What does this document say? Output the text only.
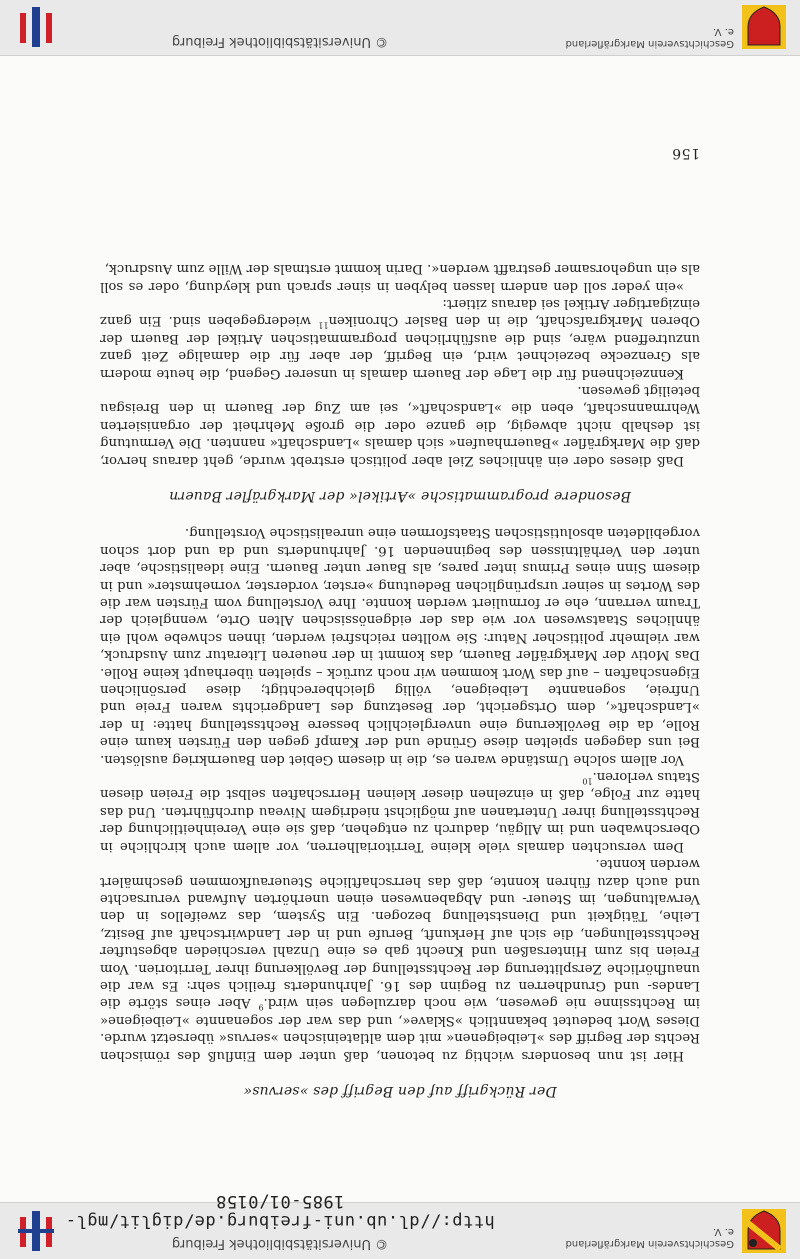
Geschichtsverein Markgräflerland e. V.
© Universitätsbibliothek Freiburg
http://dl.ub.uni-freiburg.de/diglit/mgl-1985-01/0158
Der Rückgriff auf den Begriff des »servus«

Hier ist nun besonders wichtig zu betonen, daß unter dem Einfluß des römischen Rechts der Begriff des »Leibeigenen« mit dem altlateinischen »servus« übersetzt wurde. Dieses Wort bedeutet bekanntlich »Sklave«, und das war der sogenannte »Leibeigene« im Rechtssinne nie gewesen, wie noch darzulegen sein wird.$^9$ Aber eines störte die Landes- und Grundherren zu Beginn des 16. Jahrhunderts freilich sehr: Es war die unaufhörliche Zersplitterung der Rechtsstellung der Bevölkerung ihrer Territorien. Vom Freien bis zum Hintersaßen und Knecht gab es eine Unzahl verschieden abgestufter Rechtsstellungen, die sich auf Herkunft, Berufe und in der Landwirtschaft auf Besitz, Leihe, Tätigkeit und Dienststellung bezogen. Ein System, das zweifellos in den Verwaltungen, im Steuer- und Abgabenwesen einen unerhörten Aufwand verursachte und auch dazu führen konnte, daß das herrschaftliche Steueraufkommen geschmälert werden konnte.

Dem versuchten damals viele kleine Territorialherren, vor allem auch kirchliche in Oberschwaben und im Allgäu, dadurch zu entgehen, daß sie eine Vereinheitlichung der Rechtsstellung ihrer Untertanen auf möglichst niedrigem Niveau durchführten. Und das hatte zur Folge, daß in einzelnen dieser kleinen Herrschaften selbst die Freien diesen Status verloren.$^{10}$

Vor allem solche Umstände waren es, die in diesem Gebiet den Bauernkrieg auslösten. Bei uns dagegen spielten diese Gründe und der Kampf gegen den Fürsten kaum eine Rolle, da die Bevölkerung eine unvergleichlich bessere Rechtsstellung hatte: In der »Landschaft«, dem Ortsgericht, der Besetzung des Landgerichts waren Freie und Unfreie, sogenannte Leibeigene, völlig gleichberechtigt; diese persönlichen Eigenschaften – auf das Wort kommen wir noch zurück – spielten überhaupt keine Rolle. Das Motiv der Markgräfler Bauern, das kommt in der neueren Literatur zum Ausdruck, war vielmehr politischer Natur: Sie wollten reichsfrei werden, ihnen schwebe wohl ein ähnliches Staatswesen vor wie das der eidgenössischen Alten Orte, wenngleich der Traum verrann, ehe er formuliert werden konnte. Ihre Vorstellung vom Fürsten war die des Wortes in seiner ursprünglichen Bedeutung »erster, vorderster, vornehmster« und in diesem Sinn eines Primus inter pares, als Bauer unter Bauern. Eine idealistische, aber unter den Verhältnissen des beginnenden 16. Jahrhunderts und da und dort schon vorgebildeten absolutistischen Staatsformen eine unrealistische Vorstellung.

Besondere programmatische »Artikel« der Markgräfler Bauern

Daß dieses oder ein ähnliches Ziel aber politisch erstrebt wurde, geht daraus hervor, daß die Markgräfler »Bauernhaufen« sich damals »Landschaft« nannten. Die Vermutung ist deshalb nicht abwegig, die ganze oder die große Mehrheit der organisierten Wehrmannschaft, eben die »Landschaft«, sei am Zug der Bauern in den Breisgau beteiligt gewesen.

Kennzeichnend für die Lage der Bauern damals in unserer Gegend, die heute modern als Grenzecke bezeichnet wird, ein Begriff, der aber für die damalige Zeit ganz unzutreffend wäre, sind die ausführlichen programmatischen Artikel der Bauern der Oberen Markgrafschaft, die in den Basler Chroniken$^{11}$ wiedergegeben sind. Ein ganz einzigartiger Artikel sei daraus zitiert:

»ein yeder soll den andern lassen belyben in siner sprach und kleydung, oder es soll als ein ungehorsamer gestrafft werden«. Darin kommt erstmals der Wille zum Ausdruck,

156
Geschichtsverein Markgräflerland e. V.
© Universitätsbibliothek Freiburg
